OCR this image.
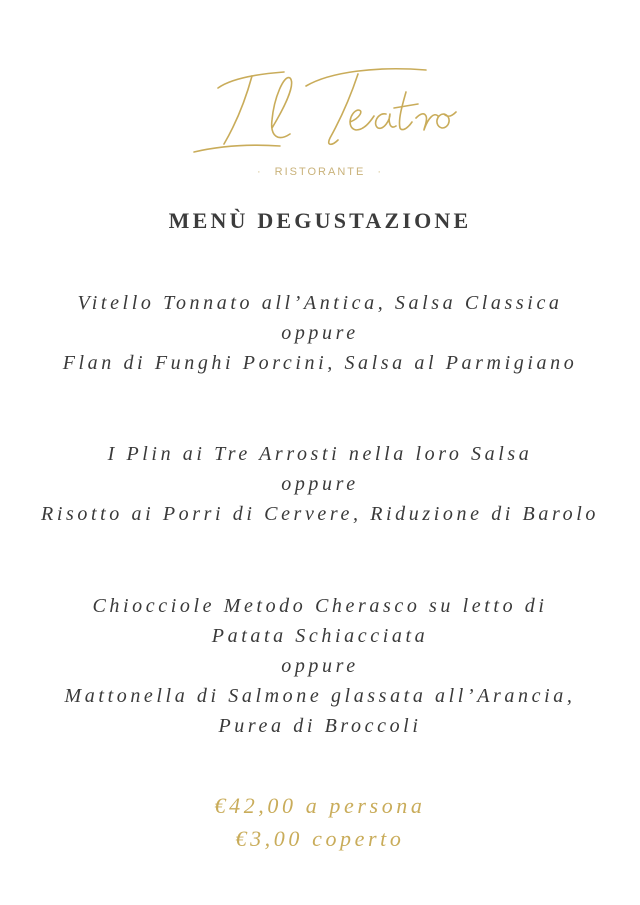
· RISTORANTE ·
MENÙ DEGUSTAZIONE
Vitello Tonnato all’Antica, Salsa Classica
oppure
Flan di Funghi Porcini, Salsa al Parmigiano
I Plin ai Tre Arrosti nella loro Salsa
oppure
Risotto ai Porri di Cervere, Riduzione di Barolo
Chiocciole Metodo Cherasco su letto di
Patata Schiacciata
oppure
Mattonella di Salmone glassata all’Arancia,
Purea di Broccoli
€42,00 a persona
€3,00 coperto
